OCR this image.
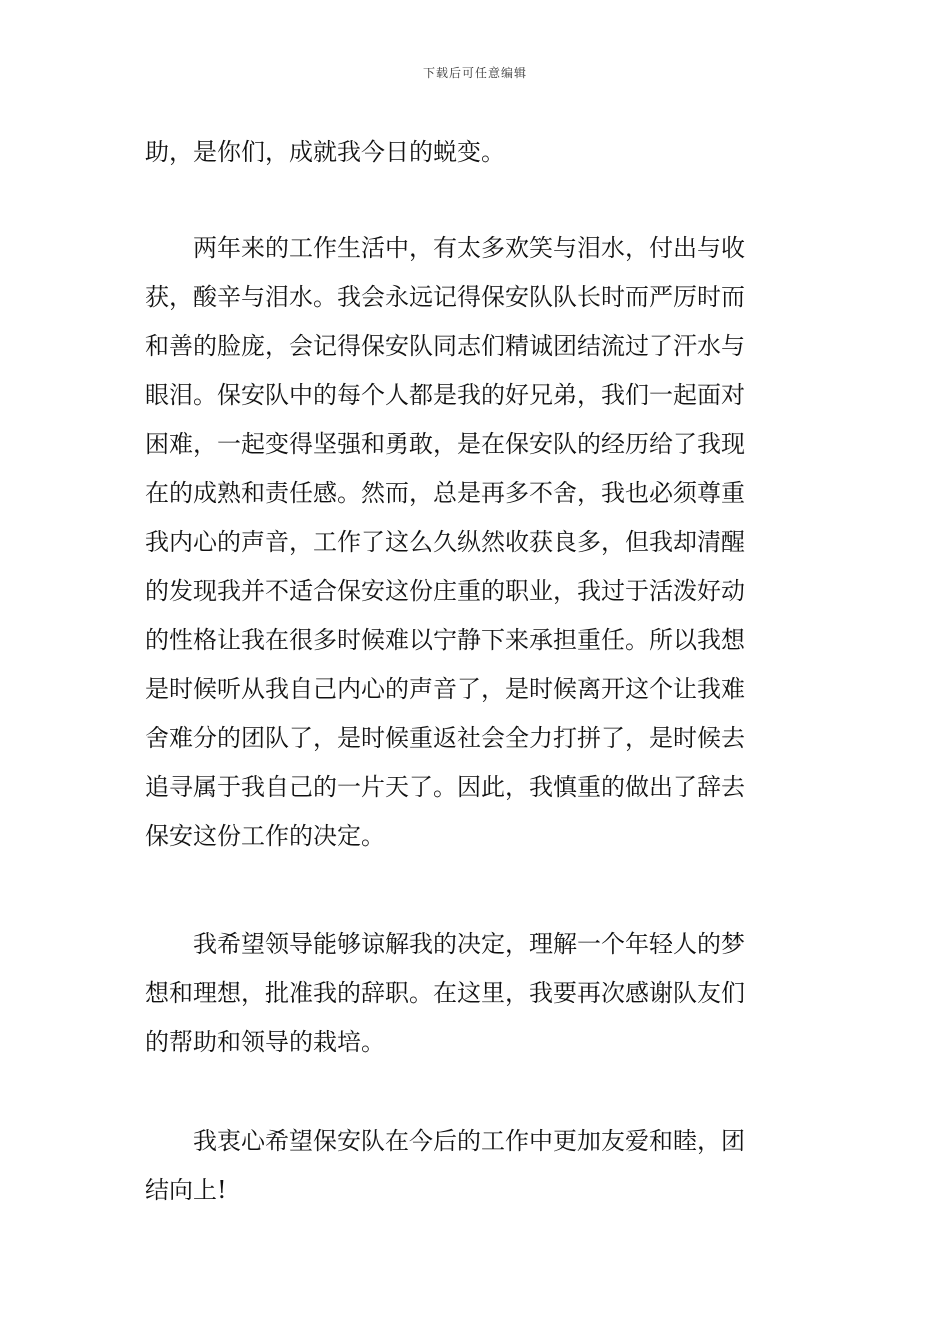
下载后可任意编辑

助，是你们，成就我今日的蜕变。

　　两年来的工作生活中，有太多欢笑与泪水，付出与收
获，酸辛与泪水。我会永远记得保安队队长时而严厉时而
和善的脸庞，会记得保安队同志们精诚团结流过了汗水与
眼泪。保安队中的每个人都是我的好兄弟，我们一起面对
困难，一起变得坚强和勇敢，是在保安队的经历给了我现
在的成熟和责任感。然而，总是再多不舍，我也必须尊重
我内心的声音，工作了这么久纵然收获良多，但我却清醒
的发现我并不适合保安这份庄重的职业，我过于活泼好动
的性格让我在很多时候难以宁静下来承担重任。所以我想
是时候听从我自己内心的声音了，是时候离开这个让我难
舍难分的团队了，是时候重返社会全力打拼了，是时候去
追寻属于我自己的一片天了。因此，我慎重的做出了辞去
保安这份工作的决定。

　　我希望领导能够谅解我的决定，理解一个年轻人的梦
想和理想，批准我的辞职。在这里，我要再次感谢队友们
的帮助和领导的栽培。

　　我衷心希望保安队在今后的工作中更加友爱和睦，团
结向上!
